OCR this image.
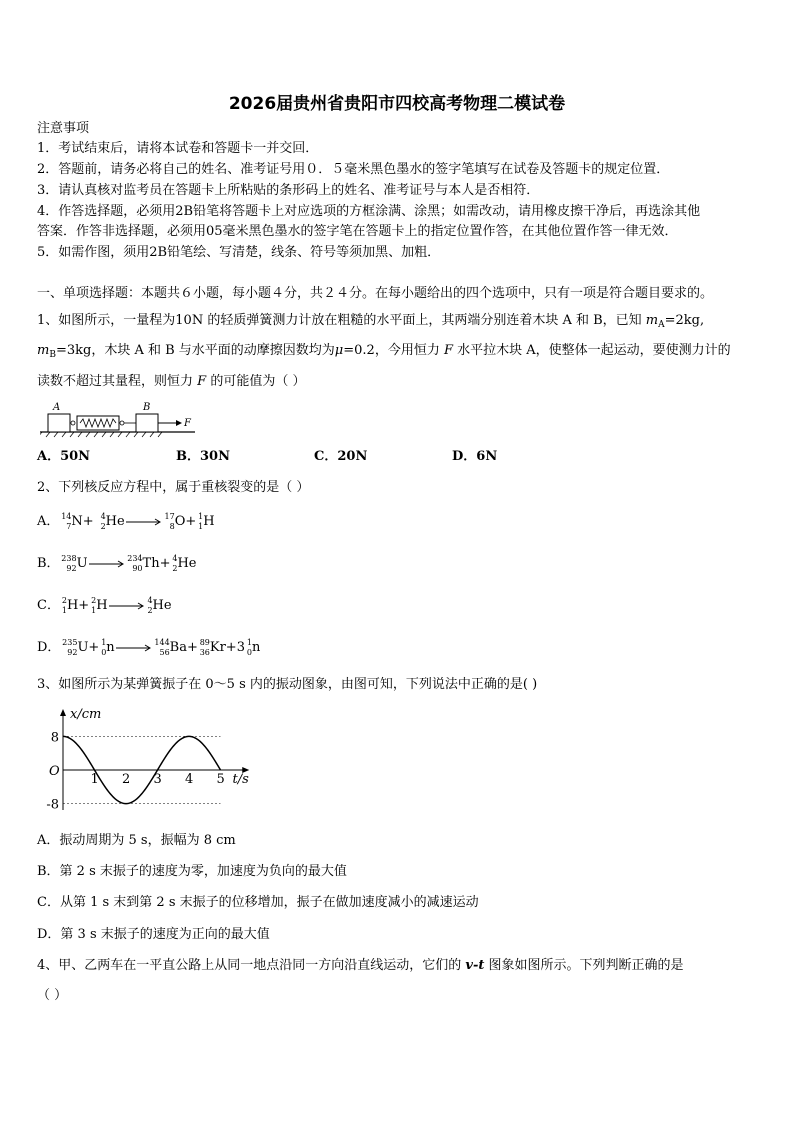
2026届贵州省贵阳市四校高考物理二模试卷
注意事项
1．考试结束后，请将本试卷和答题卡一并交回．
2．答题前，请务必将自己的姓名、准考证号用０．５毫米黑色墨水的签字笔填写在试卷及答题卡的规定位置．
3．请认真核对监考员在答题卡上所粘贴的条形码上的姓名、准考证号与本人是否相符．
4．作答选择题，必须用2B铅笔将答题卡上对应选项的方框涂满、涂黑；如需改动，请用橡皮擦干净后，再选涂其他
答案．作答非选择题，必须用05毫米黑色墨水的签字笔在答题卡上的指定位置作答，在其他位置作答一律无效．
5．如需作图，须用2B铅笔绘、写清楚，线条、符号等须加黑、加粗．
一、单项选择题：本题共６小题，每小题４分，共２４分。在每小题给出的四个选项中，只有一项是符合题目要求的。
1、如图所示，一量程为10N 的轻质弹簧测力计放在粗糙的水平面上，其两端分别连着木块 A 和 B，已知 $m_A=2kg$,
$m_B=3kg$，木块 A 和 B 与水平面的动摩擦因数均为μ=0.2，今用恒力 F 水平拉木块 A，使整体一起运动，要使测力计的
读数不超过其量程，则恒力 F 的可能值为（ ）
A	B
F
A．50N	B．30N	C．20N	D．6N
2、下列核反应方程中，属于重核裂变的是（ ）
A． 14
7 N+ 4
2 He	17
8 O+ 1
1 H
B． 238
92 U	234
90 Th+ 4
2 He
C． 2
1 H+ 2
1 H	4
2 He
D． 235
92 U+ 1
0 n	144
56 Ba+ 89
36 Kr+3 1
0 n
3、如图所示为某弹簧振子在 0～5 s 内的振动图象，由图可知，下列说法中正确的是( )
x/cm
t/s
O
8
-8
1 2 3 4 5
A．振动周期为 5 s，振幅为 8 cm
B．第 2 s 末振子的速度为零，加速度为负向的最大值
C．从第 1 s 末到第 2 s 末振子的位移增加，振子在做加速度减小的减速运动
D．第 3 s 末振子的速度为正向的最大值
4、甲、乙两车在一平直公路上从同一地点沿同一方向沿直线运动，它们的 v-t 图象如图所示。下列判断正确的是
（ ）
